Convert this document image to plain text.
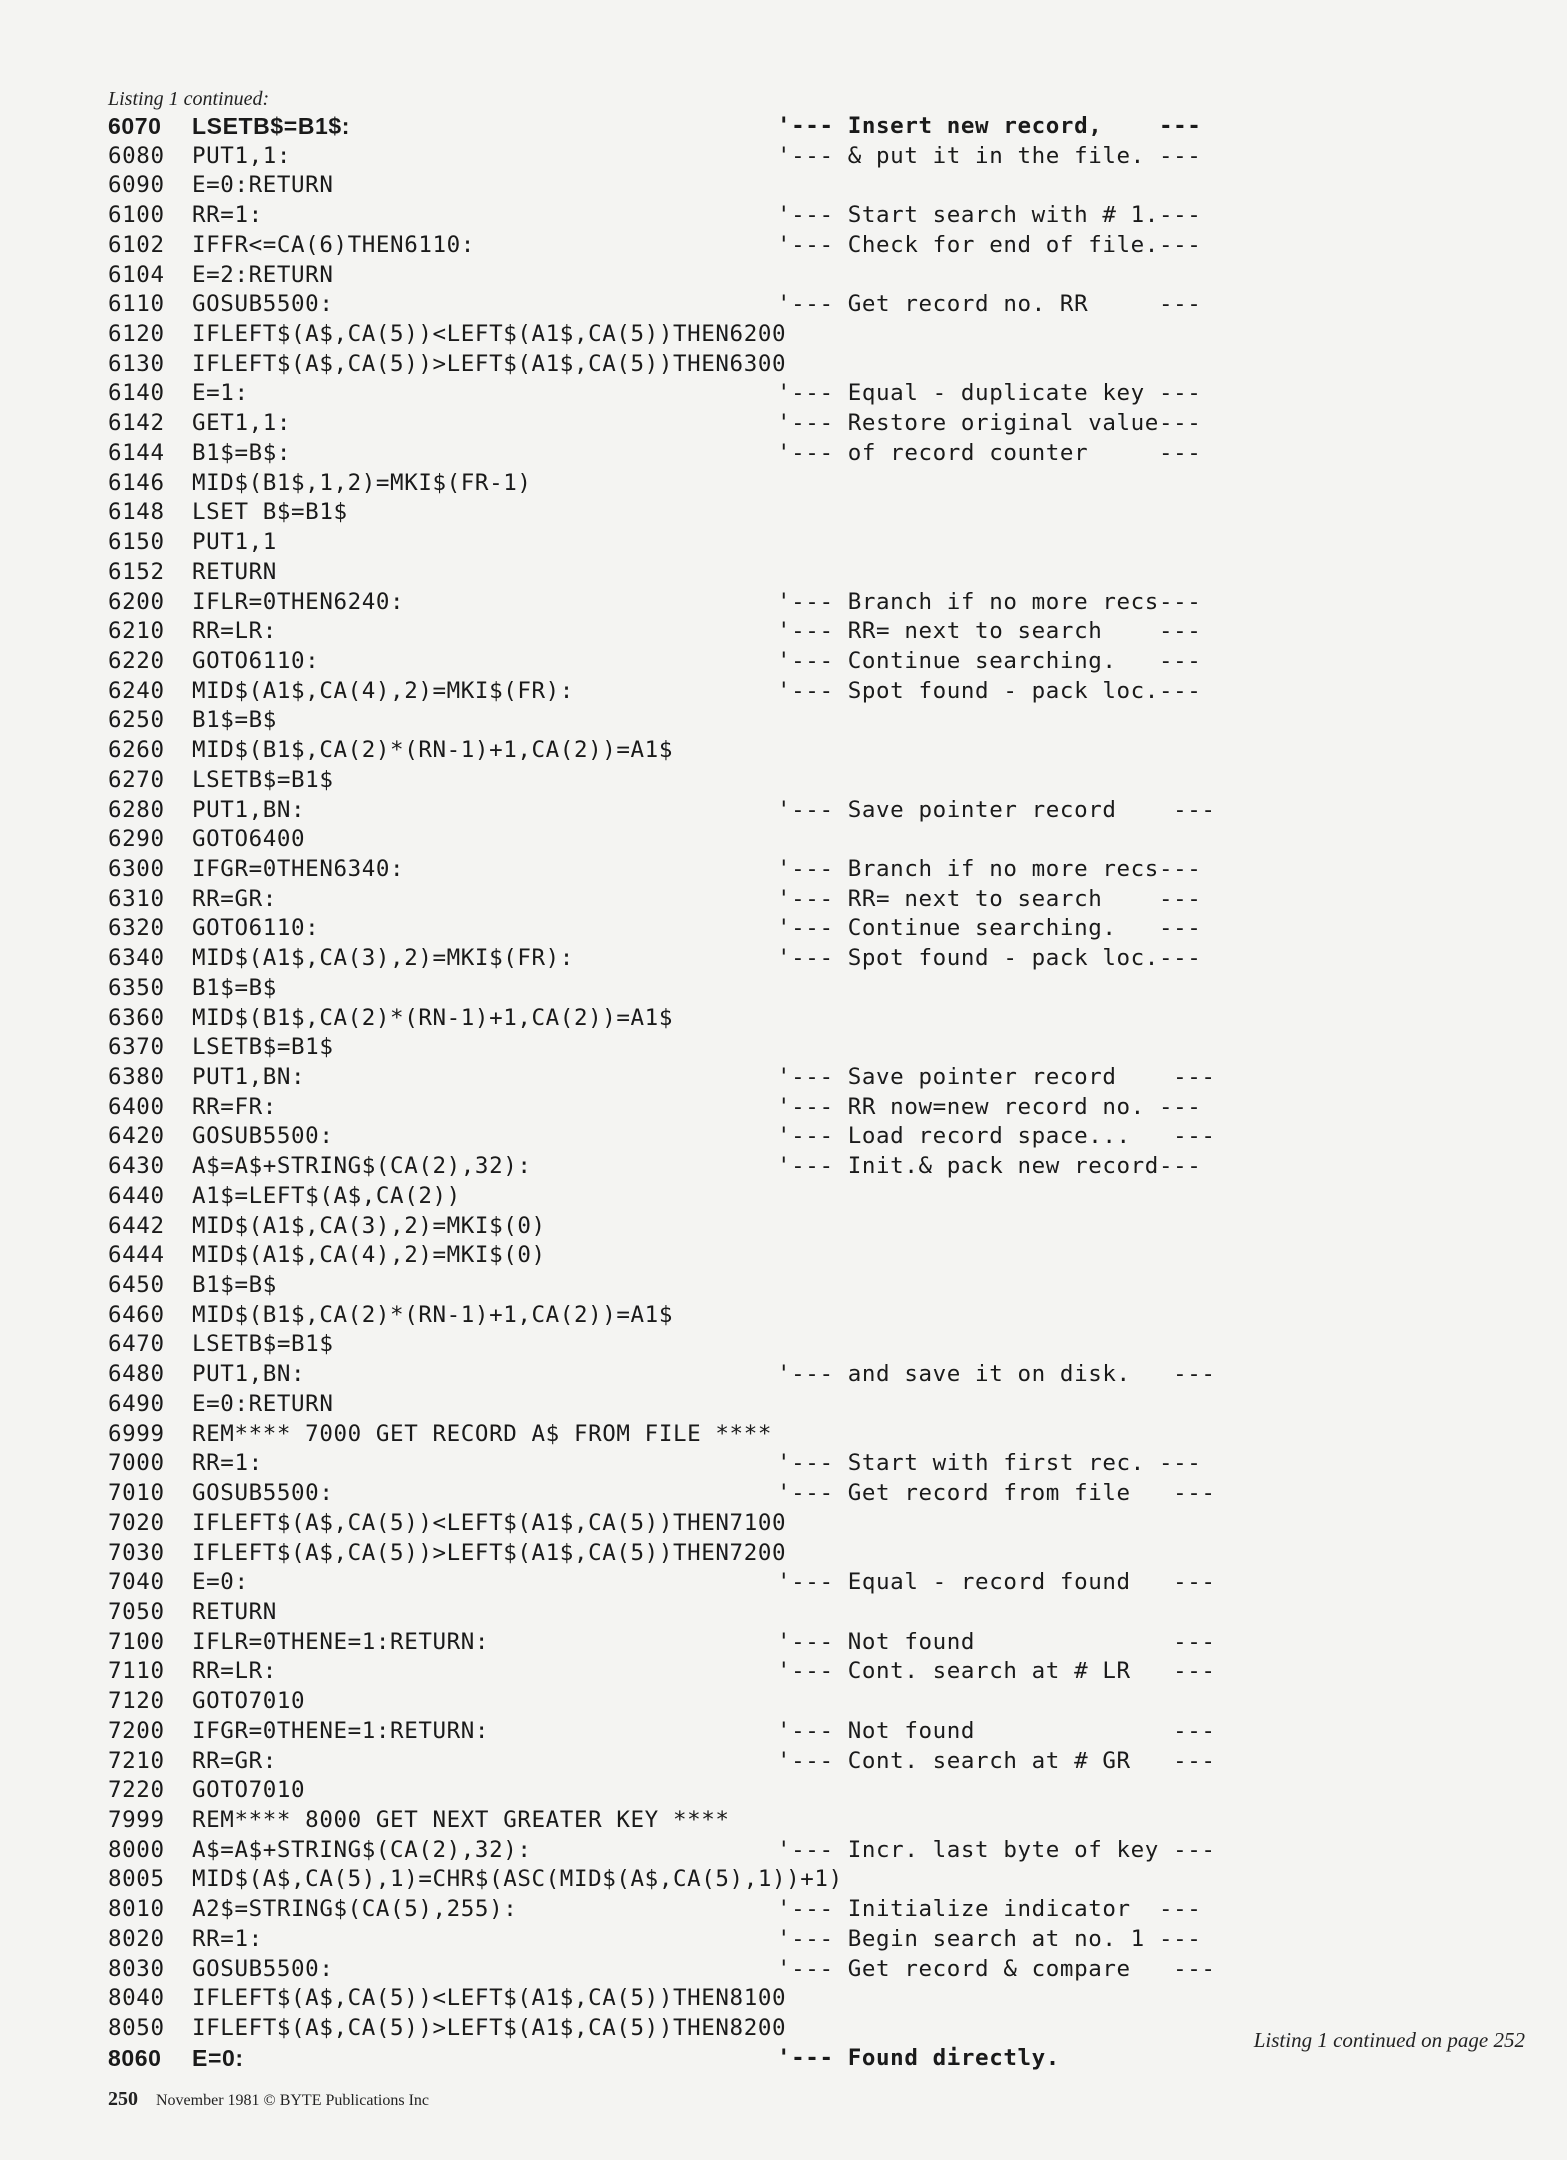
Listing 1 continued:
6070	LSETB$=B1$:	'--- Insert new record,    ---
6080	PUT1,1:	'--- & put it in the file. ---
6090	E=0:RETURN
6100	RR=1:	'--- Start search with # 1.---
6102	IFFR<=CA(6)THEN6110:	'--- Check for end of file.---
6104	E=2:RETURN
6110	GOSUB5500:	'--- Get record no. RR     ---
6120	IFLEFT$(A$,CA(5))<LEFT$(A1$,CA(5))THEN6200
6130	IFLEFT$(A$,CA(5))>LEFT$(A1$,CA(5))THEN6300
6140	E=1:	'--- Equal - duplicate key ---
6142	GET1,1:	'--- Restore original value---
6144	B1$=B$:	'--- of record counter     ---
6146	MID$(B1$,1,2)=MKI$(FR-1)
6148	LSET B$=B1$
6150	PUT1,1
6152	RETURN
6200	IFLR=0THEN6240:	'--- Branch if no more recs---
6210	RR=LR:	'--- RR= next to search    ---
6220	GOTO6110:	'--- Continue searching.   ---
6240	MID$(A1$,CA(4),2)=MKI$(FR):	'--- Spot found - pack loc.---
6250	B1$=B$
6260	MID$(B1$,CA(2)*(RN-1)+1,CA(2))=A1$
6270	LSETB$=B1$
6280	PUT1,BN:	'--- Save pointer record    ---
6290	GOTO6400
6300	IFGR=0THEN6340:	'--- Branch if no more recs---
6310	RR=GR:	'--- RR= next to search    ---
6320	GOTO6110:	'--- Continue searching.   ---
6340	MID$(A1$,CA(3),2)=MKI$(FR):	'--- Spot found - pack loc.---
6350	B1$=B$
6360	MID$(B1$,CA(2)*(RN-1)+1,CA(2))=A1$
6370	LSETB$=B1$
6380	PUT1,BN:	'--- Save pointer record    ---
6400	RR=FR:	'--- RR now=new record no. ---
6420	GOSUB5500:	'--- Load record space...   ---
6430	A$=A$+STRING$(CA(2),32):	'--- Init.& pack new record---
6440	A1$=LEFT$(A$,CA(2))
6442	MID$(A1$,CA(3),2)=MKI$(0)
6444	MID$(A1$,CA(4),2)=MKI$(0)
6450	B1$=B$
6460	MID$(B1$,CA(2)*(RN-1)+1,CA(2))=A1$
6470	LSETB$=B1$
6480	PUT1,BN:	'--- and save it on disk.   ---
6490	E=0:RETURN
6999	REM**** 7000 GET RECORD A$ FROM FILE ****
7000	RR=1:	'--- Start with first rec. ---
7010	GOSUB5500:	'--- Get record from file   ---
7020	IFLEFT$(A$,CA(5))<LEFT$(A1$,CA(5))THEN7100
7030	IFLEFT$(A$,CA(5))>LEFT$(A1$,CA(5))THEN7200
7040	E=0:	'--- Equal - record found   ---
7050	RETURN
7100	IFLR=0THENE=1:RETURN:	'--- Not found              ---
7110	RR=LR:	'--- Cont. search at # LR   ---
7120	GOTO7010
7200	IFGR=0THENE=1:RETURN:	'--- Not found              ---
7210	RR=GR:	'--- Cont. search at # GR   ---
7220	GOTO7010
7999	REM**** 8000 GET NEXT GREATER KEY ****
8000	A$=A$+STRING$(CA(2),32):	'--- Incr. last byte of key ---
8005	MID$(A$,CA(5),1)=CHR$(ASC(MID$(A$,CA(5),1))+1)
8010	A2$=STRING$(CA(5),255):	'--- Initialize indicator  ---
8020	RR=1:	'--- Begin search at no. 1 ---
8030	GOSUB5500:	'--- Get record & compare   ---
8040	IFLEFT$(A$,CA(5))<LEFT$(A1$,CA(5))THEN8100
8050	IFLEFT$(A$,CA(5))>LEFT$(A1$,CA(5))THEN8200
8060	E=0:	'--- Found directly.
Listing 1 continued on page 252
250 November 1981 © BYTE Publications Inc
